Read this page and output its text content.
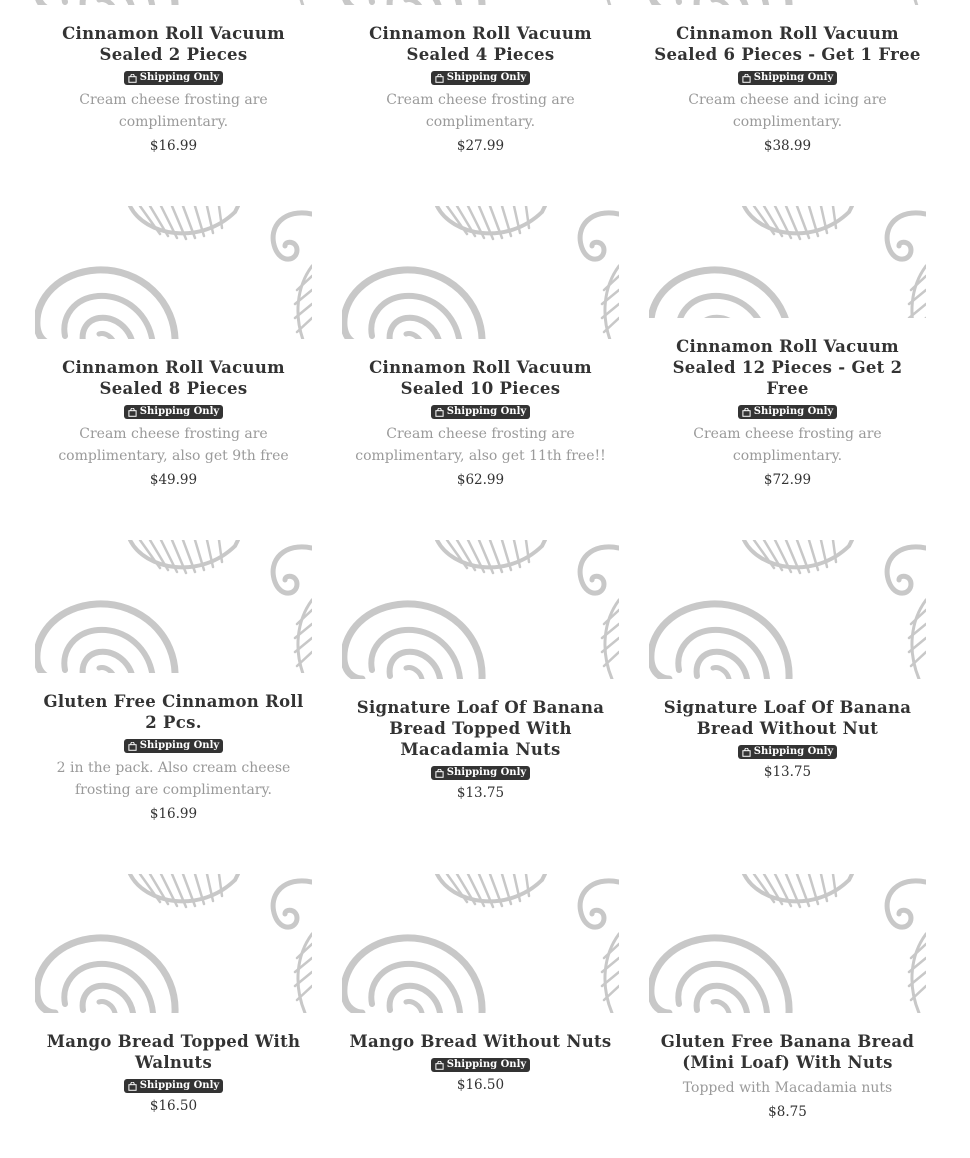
Cinnamon Roll Vacuum Sealed 2 Pieces
Shipping Only
Cream cheese frosting are complimentary.
$16.99
Cinnamon Roll Vacuum Sealed 4 Pieces
Shipping Only
Cream cheese frosting are complimentary.
$27.99
Cinnamon Roll Vacuum Sealed 6 Pieces - Get 1 Free
Shipping Only
Cream cheese and icing are complimentary.
$38.99
Cinnamon Roll Vacuum Sealed 8 Pieces
Shipping Only
Cream cheese frosting are complimentary, also get 9th free
$49.99
Cinnamon Roll Vacuum Sealed 10 Pieces
Shipping Only
Cream cheese frosting are complimentary, also get 11th free!!
$62.99
Cinnamon Roll Vacuum Sealed 12 Pieces - Get 2 Free
Shipping Only
Cream cheese frosting are complimentary.
$72.99
Gluten Free Cinnamon Roll 2 Pcs.
Shipping Only
2 in the pack. Also cream cheese frosting are complimentary.
$16.99
Signature Loaf Of Banana Bread Topped With Macadamia Nuts
Shipping Only
$13.75
Signature Loaf Of Banana Bread Without Nut
Shipping Only
$13.75
Mango Bread Topped With Walnuts
Shipping Only
$16.50
Mango Bread Without Nuts
Shipping Only
$16.50
Gluten Free Banana Bread (Mini Loaf) With Nuts
Topped with Macadamia nuts
$8.75
